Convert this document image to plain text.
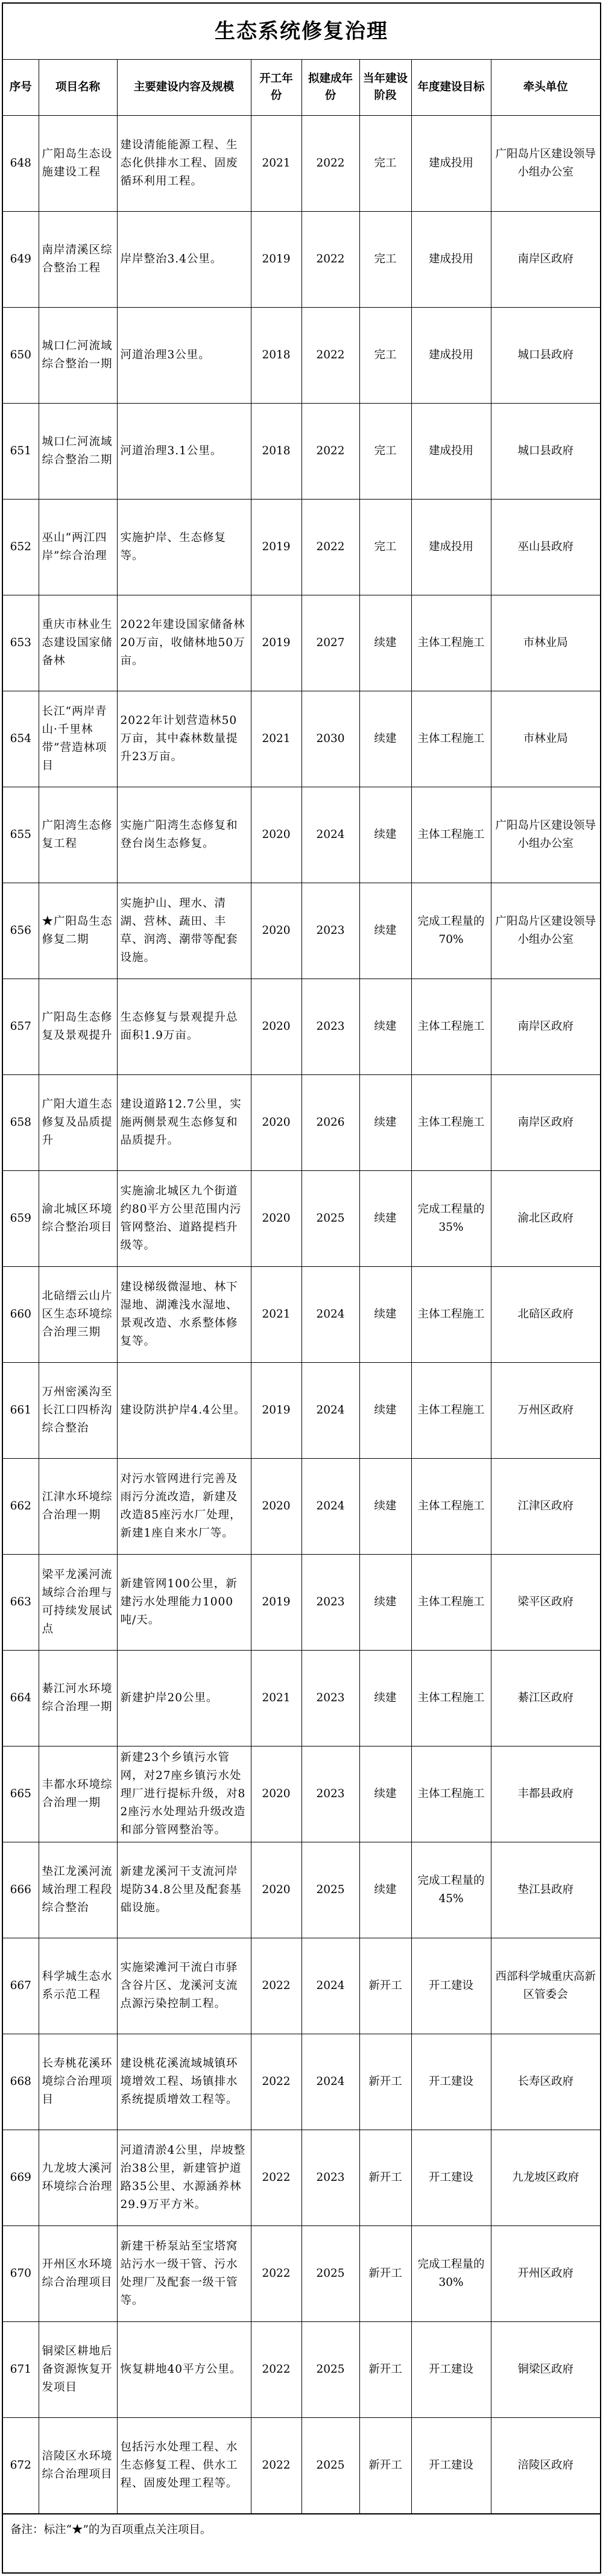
生态系统修复治理
序号	项目名称	主要建设内容及规模	开工年份	拟建成年份	当年建设阶段	年度建设目标	牵头单位
648	广阳岛生态设施建设工程	建设清能能源工程、生态化供排水工程、固废循环利用工程。	2021	2022	完工	建成投用	广阳岛片区建设领导小组办公室
649	南岸清溪区综合整治工程	岸岸整治3.4公里。	2019	2022	完工	建成投用	南岸区政府
650	城口仁河流域综合整治一期	河道治理3公里。	2018	2022	完工	建成投用	城口县政府
651	城口仁河流域综合整治二期	河道治理3.1公里。	2018	2022	完工	建成投用	城口县政府
652	巫山“两江四岸”综合治理	实施护岸、生态修复等。	2019	2022	完工	建成投用	巫山县政府
653	重庆市林业生态建设国家储备林	2022年建设国家储备林20万亩，收储林地50万亩。	2019	2027	续建	主体工程施工	市林业局
654	长江“两岸青山·千里林带”营造林项目	2022年计划营造林50万亩，其中森林数量提升23万亩。	2021	2030	续建	主体工程施工	市林业局
655	广阳湾生态修复工程	实施广阳湾生态修复和登台岗生态修复。	2020	2024	续建	主体工程施工	广阳岛片区建设领导小组办公室
656	★广阳岛生态修复二期	实施护山、理水、清湖、营林、蔬田、丰草、润湾、潮带等配套设施。	2020	2023	续建	完成工程量的70%	广阳岛片区建设领导小组办公室
657	广阳岛生态修复及景观提升	生态修复与景观提升总面积1.9万亩。	2020	2023	续建	主体工程施工	南岸区政府
658	广阳大道生态修复及品质提升	建设道路12.7公里，实施两侧景观生态修复和品质提升。	2020	2026	续建	主体工程施工	南岸区政府
659	渝北城区环境综合整治项目	实施渝北城区九个街道约80平方公里范围内污管网整治、道路提档升级等。	2020	2025	续建	完成工程量的35%	渝北区政府
660	北碚缙云山片区生态环境综合治理三期	建设梯级微湿地、林下湿地、湖滩浅水湿地、景观改造、水系整体修复等。	2021	2024	续建	主体工程施工	北碚区政府
661	万州密溪沟至长江口四桥沟综合整治	建设防洪护岸4.4公里。	2019	2024	续建	主体工程施工	万州区政府
662	江津水环境综合治理一期	对污水管网进行完善及雨污分流改造，新建及改造85座污水厂处理，新建1座自来水厂等。	2020	2024	续建	主体工程施工	江津区政府
663	梁平龙溪河流域综合治理与可持续发展试点	新建管网100公里，新建污水处理能力1000吨/天。	2019	2023	续建	主体工程施工	梁平区政府
664	綦江河水环境综合治理一期	新建护岸20公里。	2021	2023	续建	主体工程施工	綦江区政府
665	丰都水环境综合治理一期	新建23个乡镇污水管网，对27座乡镇污水处理厂进行提标升级，对82座污水处理站升级改造和部分管网整治等。	2020	2023	续建	主体工程施工	丰都县政府
666	垫江龙溪河流域治理工程段综合整治	新建龙溪河干支流河岸堤防34.8公里及配套基础设施。	2020	2025	续建	完成工程量的45%	垫江县政府
667	科学城生态水系示范工程	实施梁滩河干流白市驿含谷片区、龙溪河支流点源污染控制工程。	2022	2024	新开工	开工建设	西部科学城重庆高新区管委会
668	长寿桃花溪环境综合治理项目	建设桃花溪流域城镇环境增效工程、场镇排水系统提质增效工程等。	2022	2024	新开工	开工建设	长寿区政府
669	九龙坡大溪河环境综合治理	河道清淤4公里，岸坡整治38公里，新建管护道路35公里、水源涵养林29.9万平方米。	2022	2023	新开工	开工建设	九龙坡区政府
670	开州区水环境综合治理项目	新建干桥泵站至宝塔窝站污水一级干管、污水处理厂及配套一级干管等。	2022	2025	新开工	完成工程量的30%	开州区政府
671	铜梁区耕地后备资源恢复开发项目	恢复耕地40平方公里。	2022	2025	新开工	开工建设	铜梁区政府
672	涪陵区水环境综合治理项目	包括污水处理工程、水生态修复工程、供水工程、固废处理工程等。	2022	2025	新开工	开工建设	涪陵区政府
备注：标注“★”的为百项重点关注项目。
